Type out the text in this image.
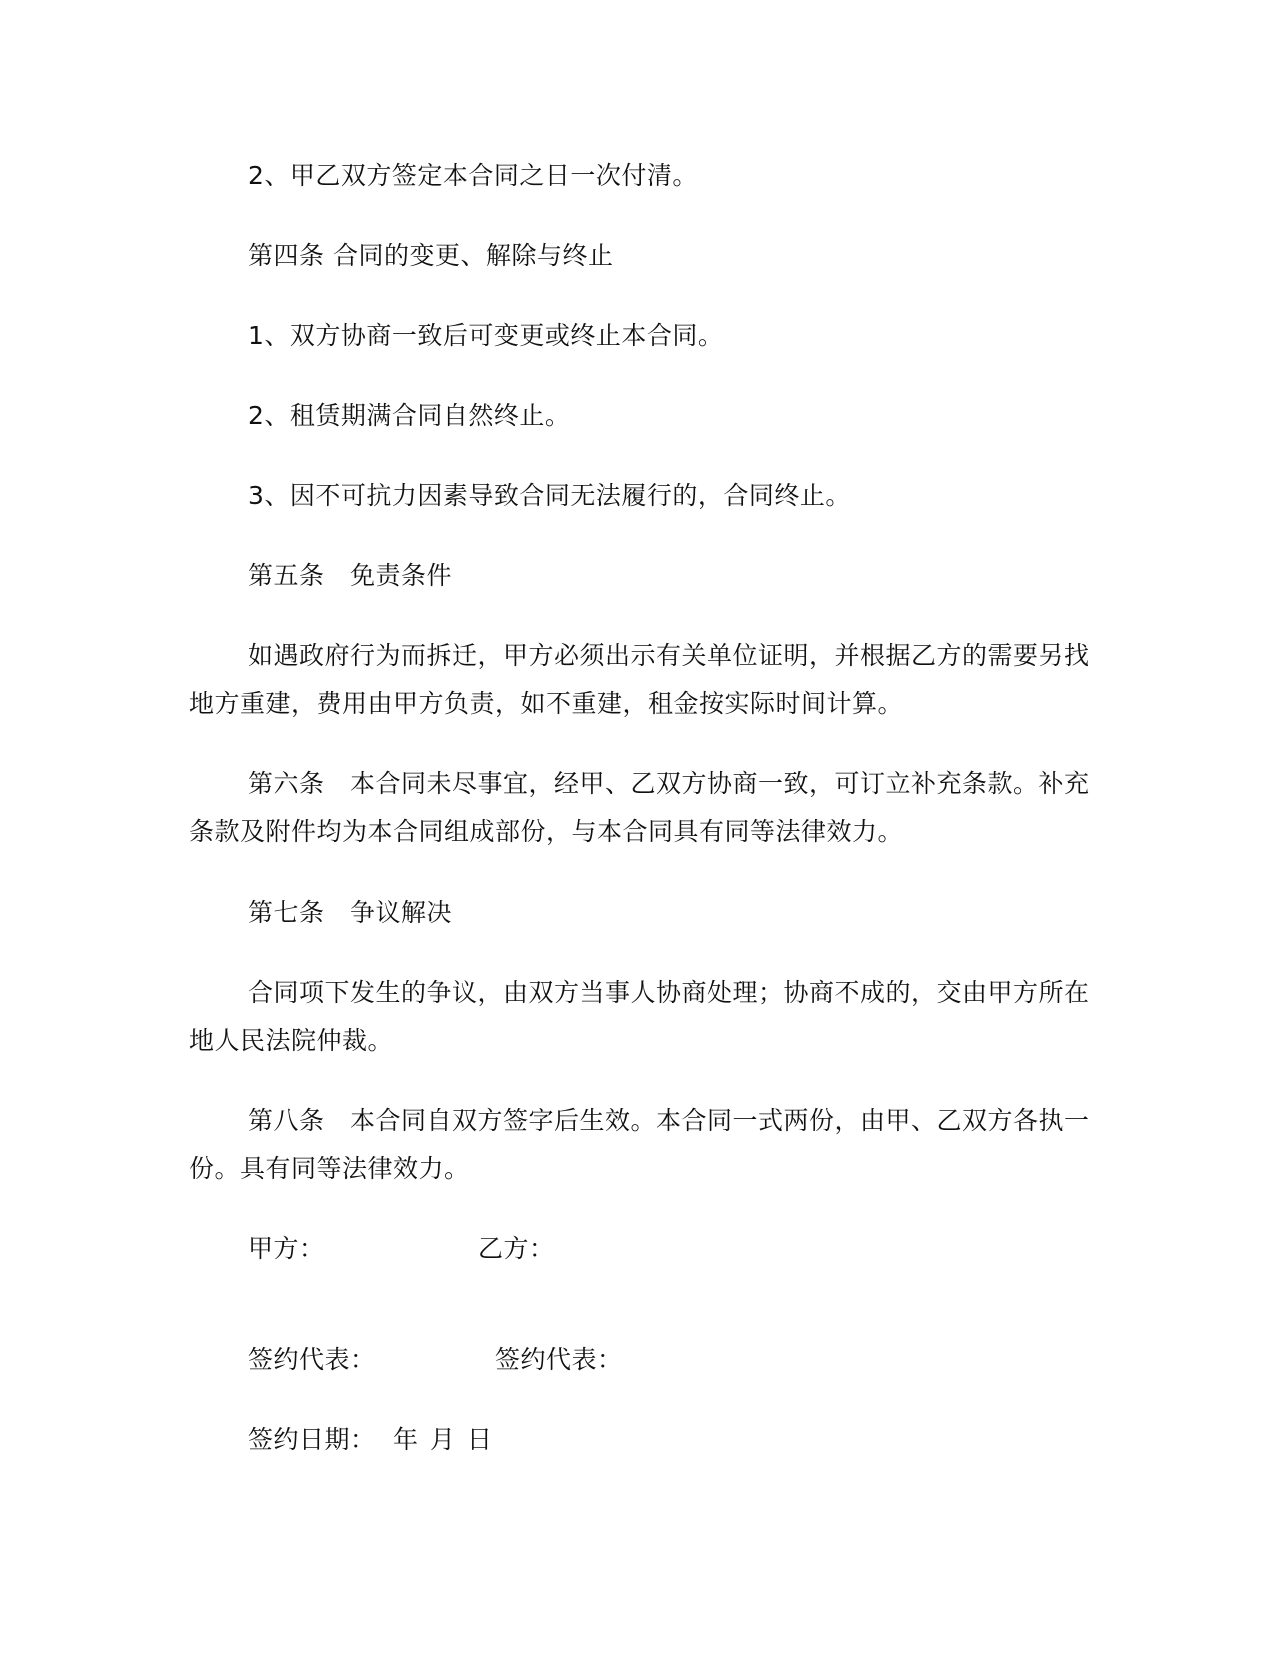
2、甲乙双方签定本合同之日一次付清。
第四条 合同的变更、解除与终止
1、双方协商一致后可变更或终止本合同。
2、租赁期满合同自然终止。
3、因不可抗力因素导致合同无法履行的，合同终止。
第五条　免责条件
如遇政府行为而拆迁，甲方必须出示有关单位证明，并根据乙方的需要另找
地方重建，费用由甲方负责，如不重建，租金按实际时间计算。
第六条　本合同未尽事宜，经甲、乙双方协商一致，可订立补充条款。补充
条款及附件均为本合同组成部份，与本合同具有同等法律效力。
第七条　争议解决
合同项下发生的争议，由双方当事人协商处理；协商不成的，交由甲方所在
地人民法院仲裁。
第八条　本合同自双方签字后生效。本合同一式两份，由甲、乙双方各执一
份。具有同等法律效力。
甲方：	乙方：
签约代表：	签约代表：
签约日期： 年 月 日
